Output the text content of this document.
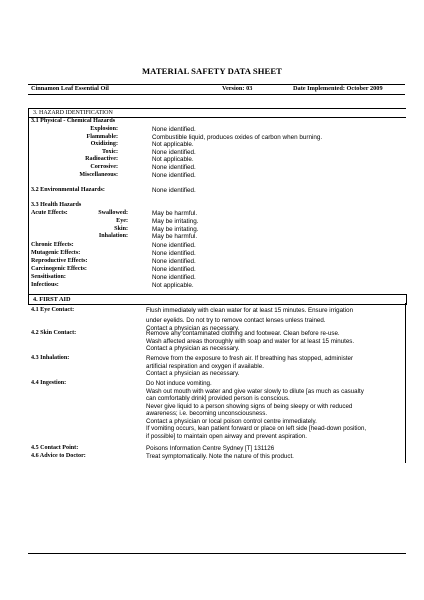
MATERIAL SAFETY DATA SHEET
Cinnamon Leaf Essential Oil	Version: 03	Date Implemented: October 2009
3. HAZARD IDENTIFICATION
3.1 Physical - Chemical Hazards
Explosion:	None identified.
Flammable:	Combustible liquid, produces oxides of carbon when burning.
Oxidizing:	Not applicable.
Toxic:	None identified.
Radioactive:	Not applicable.
Corrosive:	None identified.
Miscellaneous:	None identified.
3.2 Environmental Hazards:	None identified.
3.3 Health Hazards
Acute Effects:	Swallowed:	May be harmful.
Eye:	May be irritating.
Skin:	May be irritating.
Inhalation:	May be harmful.
Chronic Effects:	None identified.
Mutagenic Effects:	None identified.
Reproductive Effects:	None identified.
Carcinogenic Effects:	None identified.
Sensitisation:	None identified.
Infectious:	Not applicable.
4. FIRST AID
4.1 Eye Contact:	Flush immediately with clean water for at least 15 minutes. Ensure irrigation
under eyelids. Do not try to remove contact lenses unless trained.
Contact a physician as necessary.
4.2 Skin Contact:	Remove any contaminated clothing and footwear. Clean before re-use.
Wash affected areas thoroughly with soap and water for at least 15 minutes.
Contact a physician as necessary.
4.3 Inhalation:	Remove from the exposure to fresh air. If breathing has stopped, administer
artificial respiration and oxygen if available.
Contact a physician as necessary.
4.4 Ingestion:	Do Not induce vomiting.
Wash out mouth with water and give water slowly to dilute [as much as casualty
can comfortably drink] provided person is conscious.
Never give liquid to a person showing signs of being sleepy or with reduced
awareness; i.e. becoming unconsciousness.
Contact a physician or local poison control centre immediately.
If vomiting occurs, lean patient forward or place on left side [head-down position,
if possible] to maintain open airway and prevent aspiration.
4.5 Contact Point:	Poisons Information Centre Sydney [T] 131126
4.6 Advice to Doctor:	Treat symptomatically. Note the nature of this product.
